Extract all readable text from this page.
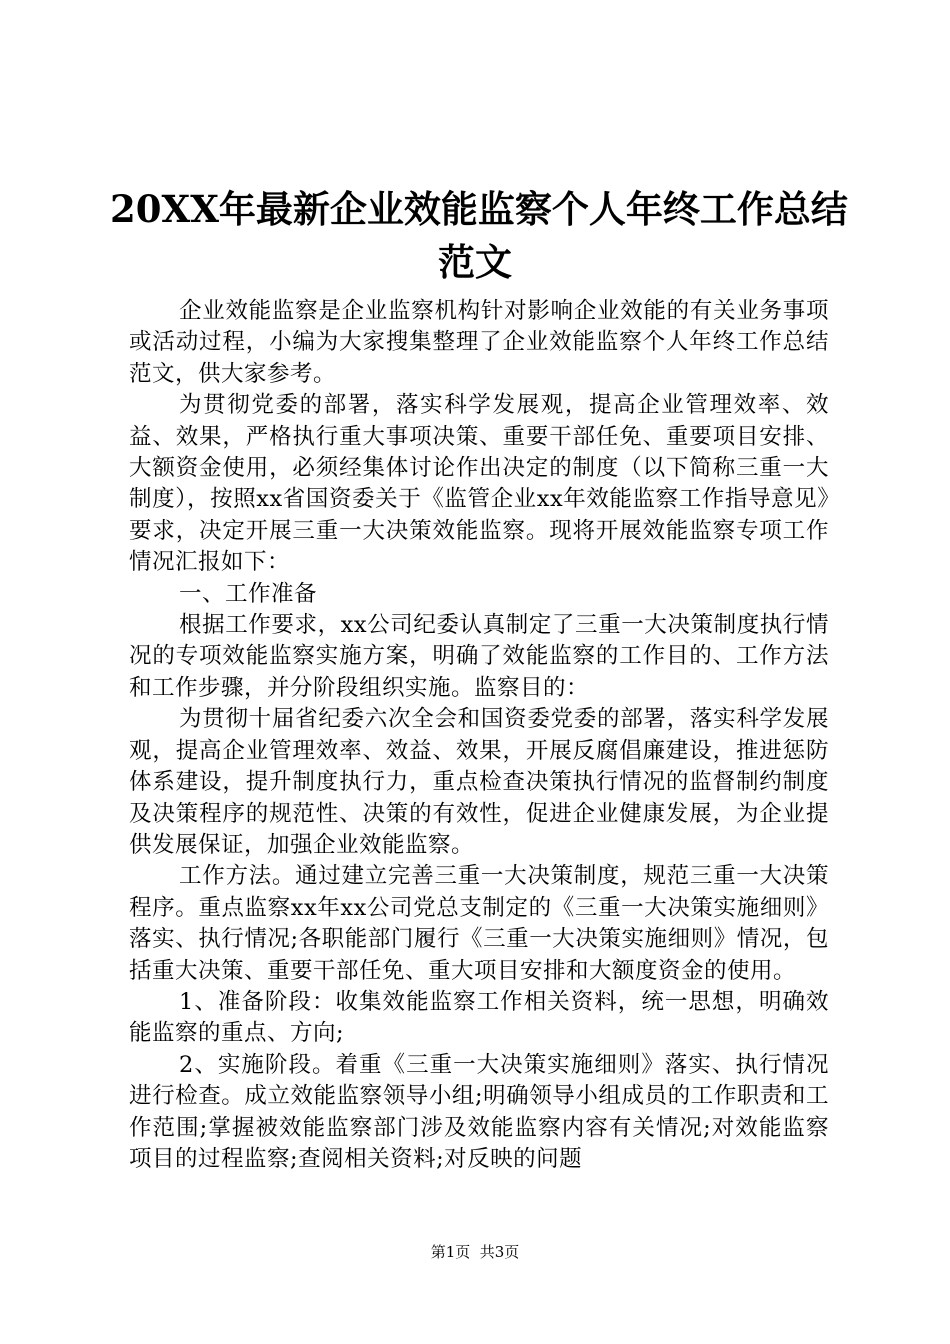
20XX年最新企业效能监察个人年终工作总结
范文

企业效能监察是企业监察机构针对影响企业效能的有关业务事项或活动过程，小编为大家搜集整理了企业效能监察个人年终工作总结范文，供大家参考。

为贯彻党委的部署，落实科学发展观，提高企业管理效率、效益、效果，严格执行重大事项决策、重要干部任免、重要项目安排、大额资金使用，必须经集体讨论作出决定的制度（以下简称三重一大制度），按照xx省国资委关于《监管企业xx年效能监察工作指导意见》要求，决定开展三重一大决策效能监察。现将开展效能监察专项工作情况汇报如下：

一、工作准备

根据工作要求，xx公司纪委认真制定了三重一大决策制度执行情况的专项效能监察实施方案，明确了效能监察的工作目的、工作方法和工作步骤，并分阶段组织实施。监察目的：

为贯彻十届省纪委六次全会和国资委党委的部署，落实科学发展观，提高企业管理效率、效益、效果，开展反腐倡廉建设，推进惩防体系建设，提升制度执行力，重点检查决策执行情况的监督制约制度及决策程序的规范性、决策的有效性，促进企业健康发展，为企业提供发展保证，加强企业效能监察。

工作方法。通过建立完善三重一大决策制度，规范三重一大决策程序。重点监察xx年xx公司党总支制定的《三重一大决策实施细则》落实、执行情况;各职能部门履行《三重一大决策实施细则》情况，包括重大决策、重要干部任免、重大项目安排和大额度资金的使用。

1、准备阶段：收集效能监察工作相关资料，统一思想，明确效能监察的重点、方向;

2、实施阶段。着重《三重一大决策实施细则》落实、执行情况进行检查。成立效能监察领导小组;明确领导小组成员的工作职责和工作范围;掌握被效能监察部门涉及效能监察内容有关情况;对效能监察项目的过程监察;查阅相关资料;对反映的问题

第1页  共3页
